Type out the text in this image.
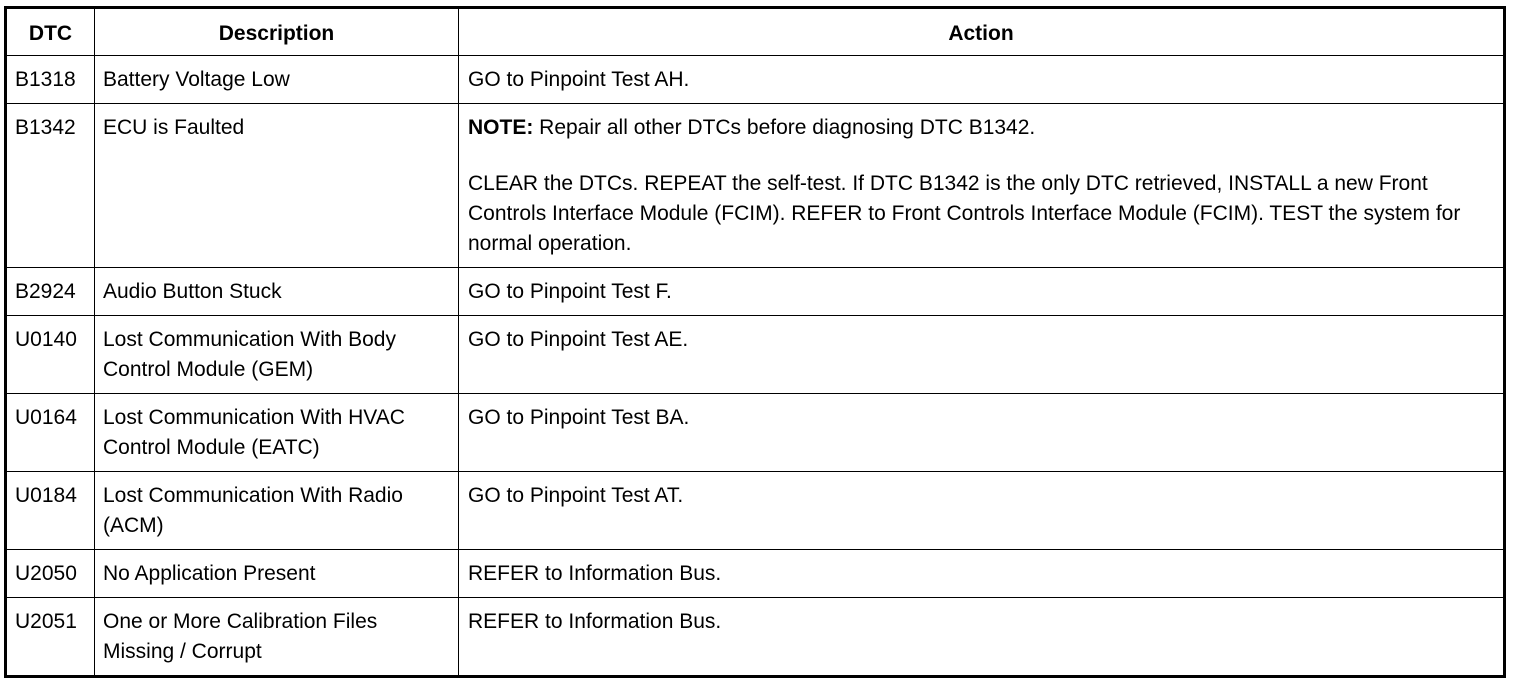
DTC	Description	Action
B1318	Battery Voltage Low	GO to Pinpoint Test AH.
B1342	ECU is Faulted	NOTE: Repair all other DTCs before diagnosing DTC B1342.

CLEAR the DTCs. REPEAT the self-test. If DTC B1342 is the only DTC retrieved, INSTALL a new Front Controls Interface Module (FCIM). REFER to Front Controls Interface Module (FCIM). TEST the system for normal operation.

B2924	Audio Button Stuck	GO to Pinpoint Test F.
U0140	Lost Communication With Body Control Module (GEM)	GO to Pinpoint Test AE.
U0164	Lost Communication With HVAC Control Module (EATC)	GO to Pinpoint Test BA.
U0184	Lost Communication With Radio (ACM)	GO to Pinpoint Test AT.
U2050	No Application Present	REFER to Information Bus.
U2051	One or More Calibration Files Missing / Corrupt	REFER to Information Bus.
